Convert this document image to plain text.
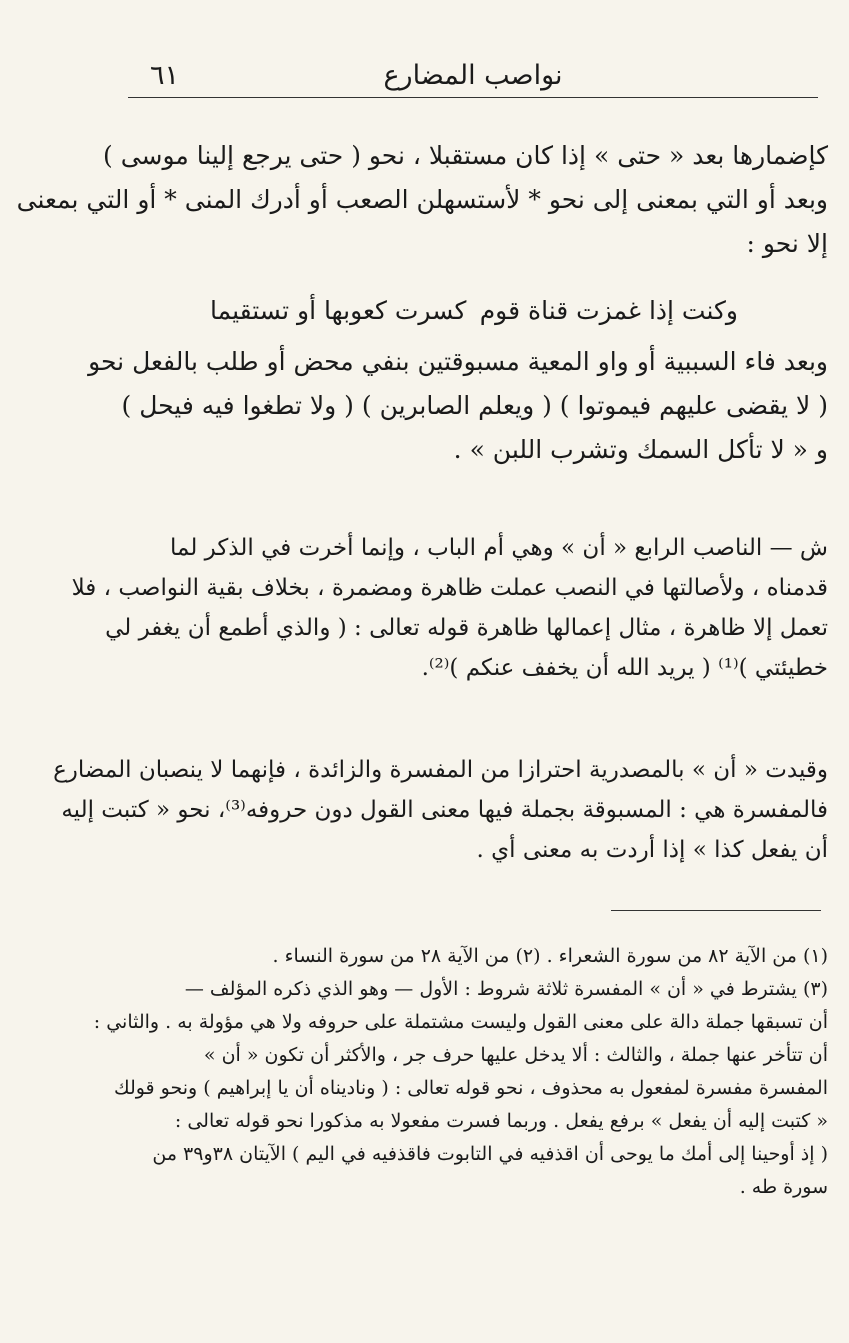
نواصب المضارع
٦١
كإضمارها بعد « حتى » إذا كان مستقبلا ، نحو ( حتى يرجع إلينا موسى )
وبعد أو التي بمعنى إلى نحو * لأستسهلن الصعب أو أدرك المنى * أو التي بمعنى
إلا نحو :
وكنت إذا غمزت قناة قوم
كسرت كعوبها أو تستقيما
وبعد فاء السببية أو واو المعية مسبوقتين بنفي محض أو طلب بالفعل نحو
( لا يقضى عليهم فيموتوا ) ( ويعلم الصابرين ) ( ولا تطغوا فيه فيحل )
و « لا تأكل السمك وتشرب اللبن » .
ش — الناصب الرابع « أن » وهي أم الباب ، وإنما أخرت في الذكر لما
قدمناه ، ولأصالتها في النصب عملت ظاهرة ومضمرة ، بخلاف بقية النواصب ، فلا
تعمل إلا ظاهرة ، مثال إعمالها ظاهرة قوله تعالى : ( والذي أطمع أن يغفر لي
خطيئتي )⁽¹⁾ ( يريد الله أن يخفف عنكم )⁽²⁾.
وقيدت « أن » بالمصدرية احترازا من المفسرة والزائدة ، فإنهما لا ينصبان المضارع
فالمفسرة هي : المسبوقة بجملة فيها معنى القول دون حروفه⁽³⁾، نحو « كتبت إليه
أن يفعل كذا » إذا أردت به معنى أي .
(١) من الآية ٨٢ من سورة الشعراء . (٢) من الآية ٢٨ من سورة النساء .
(٣) يشترط في « أن » المفسرة ثلاثة شروط : الأول — وهو الذي ذكره المؤلف —
أن تسبقها جملة دالة على معنى القول وليست مشتملة على حروفه ولا هي مؤولة به . والثاني :
أن تتأخر عنها جملة ، والثالث : ألا يدخل عليها حرف جر ، والأكثر أن تكون « أن »
المفسرة مفسرة لمفعول به محذوف ، نحو قوله تعالى : ( وناديناه أن يا إبراهيم ) ونحو قولك
« كتبت إليه أن يفعل » برفع يفعل . وربما فسرت مفعولا به مذكورا نحو قوله تعالى :
( إذ أوحينا إلى أمك ما يوحى أن اقذفيه في التابوت فاقذفيه في اليم ) الآيتان ٣٨و٣٩ من
سورة طه .
